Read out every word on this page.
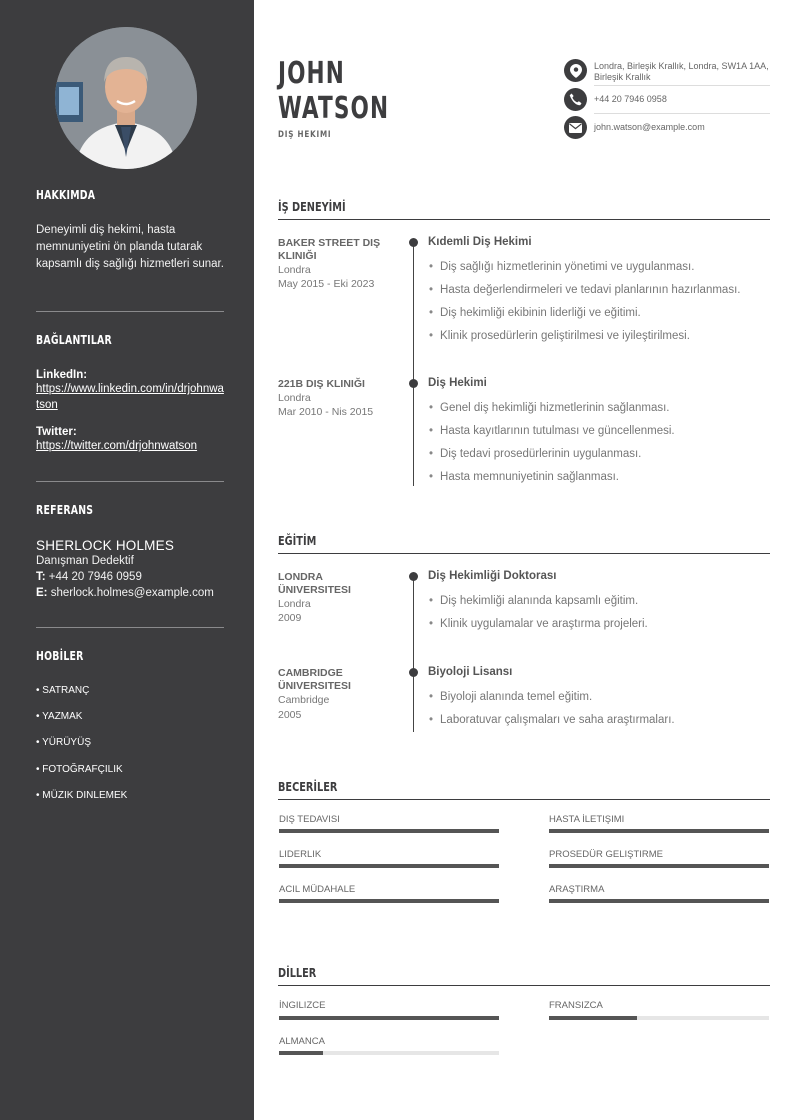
HAKKIMDA
Deneyimli diş hekimi, hasta memnuniyetini ön planda tutarak kapsamlı diş sağlığı hizmetleri sunar.
BAĞLANTILAR
LinkedIn:
https://www.linkedin.com/in/drjohnwatson
Twitter:
https://twitter.com/drjohnwatson
REFERANS
SHERLOCK HOLMES
Danışman Dedektif
T: +44 20 7946 0959
E: sherlock.holmes@example.com
HOBİLER
• SATRANÇ
• YAZMAK
• YÜRÜYÜŞ
• FOTOĞRAFÇILIK
• MÜZIK DINLEMEK
JOHN
WATSON
DIŞ HEKIMI
Londra, Birleşik Krallık, Londra, SW1A 1AA, Birleşik Krallık
+44 20 7946 0958
john.watson@example.com
İŞ DENEYİMİ
BAKER STREET DIŞ KLINIĞI
Londra
May 2015 - Eki 2023
Kıdemli Diş Hekimi
• Diş sağlığı hizmetlerinin yönetimi ve uygulanması.
• Hasta değerlendirmeleri ve tedavi planlarının hazırlanması.
• Diş hekimliği ekibinin liderliği ve eğitimi.
• Klinik prosedürlerin geliştirilmesi ve iyileştirilmesi.
221B DIŞ KLINIĞI
Londra
Mar 2010 - Nis 2015
Diş Hekimi
• Genel diş hekimliği hizmetlerinin sağlanması.
• Hasta kayıtlarının tutulması ve güncellenmesi.
• Diş tedavi prosedürlerinin uygulanması.
• Hasta memnuniyetinin sağlanması.
EĞİTİM
LONDRA ÜNIVERSITESI
Londra
2009
Diş Hekimliği Doktorası
• Diş hekimliği alanında kapsamlı eğitim.
• Klinik uygulamalar ve araştırma projeleri.
CAMBRIDGE ÜNIVERSITESI
Cambridge
2005
Biyoloji Lisansı
• Biyoloji alanında temel eğitim.
• Laboratuvar çalışmaları ve saha araştırmaları.
BECERİLER
DIŞ TEDAVISI	HASTA İLETIŞIMI
LIDERLIK	PROSEDÜR GELIŞTIRME
ACIL MÜDAHALE	ARAŞTIRMA
DİLLER
İNGILIZCE	FRANSIZCA
ALMANCA
